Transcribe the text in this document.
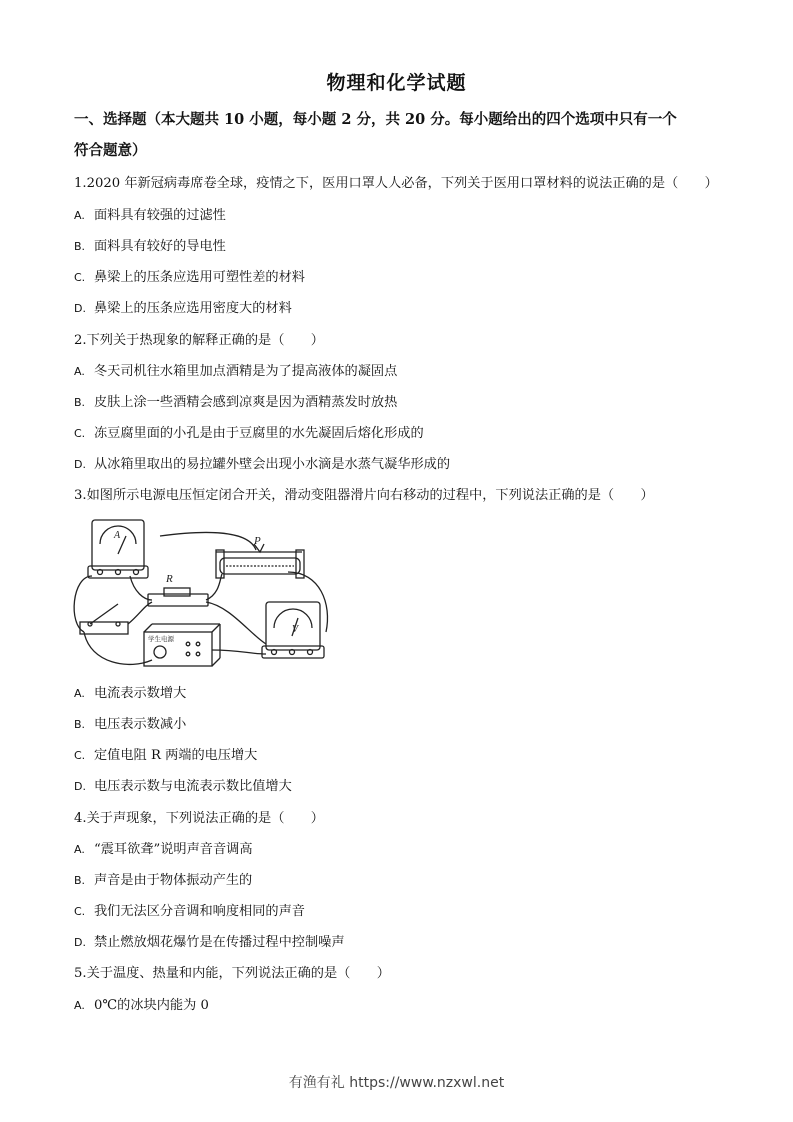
物理和化学试题
一、选择题（本大题共 10 小题，每小题 2 分，共 20 分。每小题给出的四个选项中只有一个
符合题意）
1.2020 年新冠病毒席卷全球，疫情之下，医用口罩人人必备，下列关于医用口罩材料的说法正确的是（　　）
A. 面料具有较强的过滤性
B. 面料具有较好的导电性
C. 鼻梁上的压条应选用可塑性差的材料
D. 鼻梁上的压条应选用密度大的材料
2.下列关于热现象的解释正确的是（　　）
A. 冬天司机往水箱里加点酒精是为了提高液体的凝固点
B. 皮肤上涂一些酒精会感到凉爽是因为酒精蒸发时放热
C. 冻豆腐里面的小孔是由于豆腐里的水先凝固后熔化形成的
D. 从冰箱里取出的易拉罐外壁会出现小水滴是水蒸气凝华形成的
3.如图所示电源电压恒定闭合开关，滑动变阻器滑片向右移动的过程中，下列说法正确的是（　　）
A	P
R
学生电源
V
A. 电流表示数增大
B. 电压表示数减小
C. 定值电阻 R 两端的电压增大
D. 电压表示数与电流表示数比值增大
4.关于声现象，下列说法正确的是（　　）
A. “震耳欲聋”说明声音音调高
B. 声音是由于物体振动产生的
C. 我们无法区分音调和响度相同的声音
D. 禁止燃放烟花爆竹是在传播过程中控制噪声
5.关于温度、热量和内能，下列说法正确的是（　　）
A. 0℃的冰块内能为 0
有渔有礼 https://www.nzxwl.net
